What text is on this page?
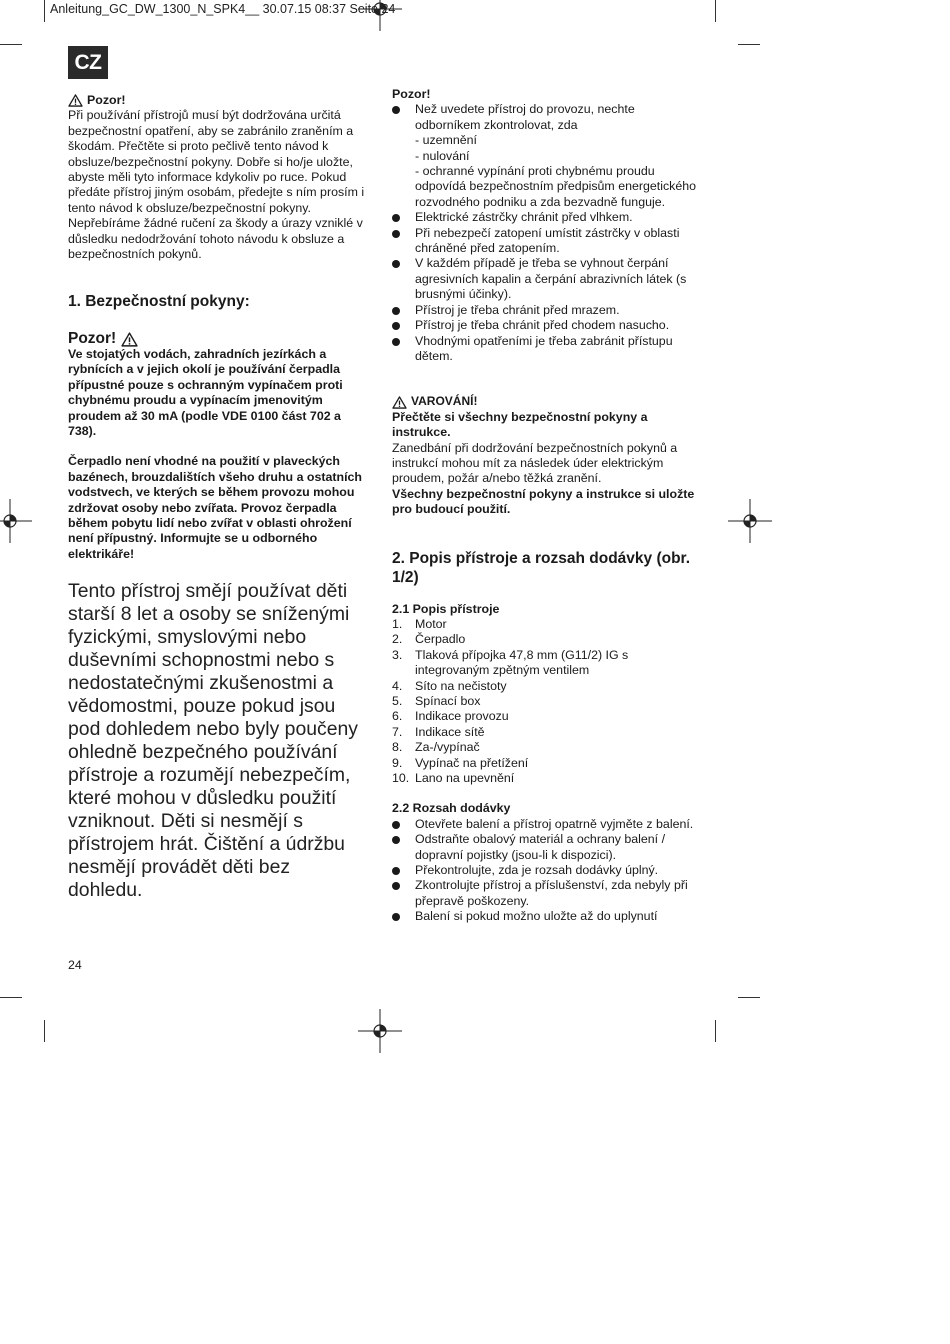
Anleitung_GC_DW_1300_N_SPK4__ 30.07.15 08:37 Seite 24
CZ
Pozor!

Při používání přístrojů musí být dodržována určitá bezpečnostní opatření, aby se zabránilo zraněním a škodám. Přečtěte si proto pečlivě tento návod k obsluze/bezpečnostní pokyny. Dobře si ho/je uložte, abyste měli tyto informace kdykoliv po ruce. Pokud předáte přístroj jiným osobám, předejte s ním prosím i tento návod k obsluze/bezpečnostní pokyny. Nepřebíráme žádné ručení za škody a úrazy vzniklé v důsledku nedodržování tohoto návodu k obsluze a bezpečnostních pokynů.

1. Bezpečnostní pokyny:
Pozor!

Ve stojatých vodách, zahradních jezírkách a rybnících a v jejich okolí je používání čerpadla přípustné pouze s ochranným vypínačem proti chybnému proudu a vypínacím jmenovitým proudem až 30 mA (podle VDE 0100 část 702 a 738).

Čerpadlo není vhodné na použití v plaveckých bazénech, brouzdalištích všeho druhu a ostatních vodstvech, ve kterých se během provozu mohou zdržovat osoby nebo zvířata. Provoz čerpadla během pobytu lidí nebo zvířat v oblasti ohrožení není přípustný. Informujte se u odborného elektrikáře!

Tento přístroj smějí používat děti starší 8 let a osoby se sníženými fyzickými, smyslovými nebo duševními schopnostmi nebo s nedostatečnými zkušenostmi a vědomostmi, pouze pokud jsou pod dohledem nebo byly poučeny ohledně bezpečného používání přístroje a rozumějí nebezpečím, které mohou v důsledku použití vzniknout. Děti si nesmějí s přístrojem hrát. Čištění a údržbu nesmějí provádět děti bez dohledu.

Pozor!

Než uvedete přístroj do provozu, nechte odborníkem zkontrolovat, zda
- uzemnění
- nulování
- ochranné vypínání proti chybnému proudu odpovídá bezpečnostním předpisům energetického rozvodného podniku a zda bezvadně funguje.
Elektrické zástrčky chránit před vlhkem.
Při nebezpečí zatopení umístit zástrčky v oblasti chráněné před zatopením.
V každém případě je třeba se vyhnout čerpání agresivních kapalin a čerpání abrazivních látek (s brusnými účinky).
Přístroj je třeba chránit před mrazem.
Přístroj je třeba chránit před chodem nasucho.
Vhodnými opatřeními je třeba zabránit přístupu dětem.
VAROVÁNÍ!

Přečtěte si všechny bezpečnostní pokyny a instrukce.

Zanedbání při dodržování bezpečnostních pokynů a instrukcí mohou mít za následek úder elektrickým proudem, požár a/nebo těžká zranění.

Všechny bezpečnostní pokyny a instrukce si uložte pro budoucí použití.

2. Popis přístroje a rozsah dodávky (obr. 1/2)

2.1 Popis přístroje

1.	Motor
2.	Čerpadlo
3.	Tlaková přípojka 47,8 mm (G11/2) IG s integrovaným zpětným ventilem
4.	Síto na nečistoty
5.	Spínací box
6.	Indikace provozu
7.	Indikace sítě
8.	Za-/vypínač
9.	Vypínač na přetížení
10. Lano na upevnění

2.2 Rozsah dodávky

Otevřete balení a přístroj opatrně vyjměte z balení.
Odstraňte obalový materiál a ochrany balení / dopravní pojistky (jsou-li k dispozici).
Překontrolujte, zda je rozsah dodávky úplný.
Zkontrolujte přístroj a příslušenství, zda nebyly při přepravě poškozeny.
Balení si pokud možno uložte až do uplynutí
24
